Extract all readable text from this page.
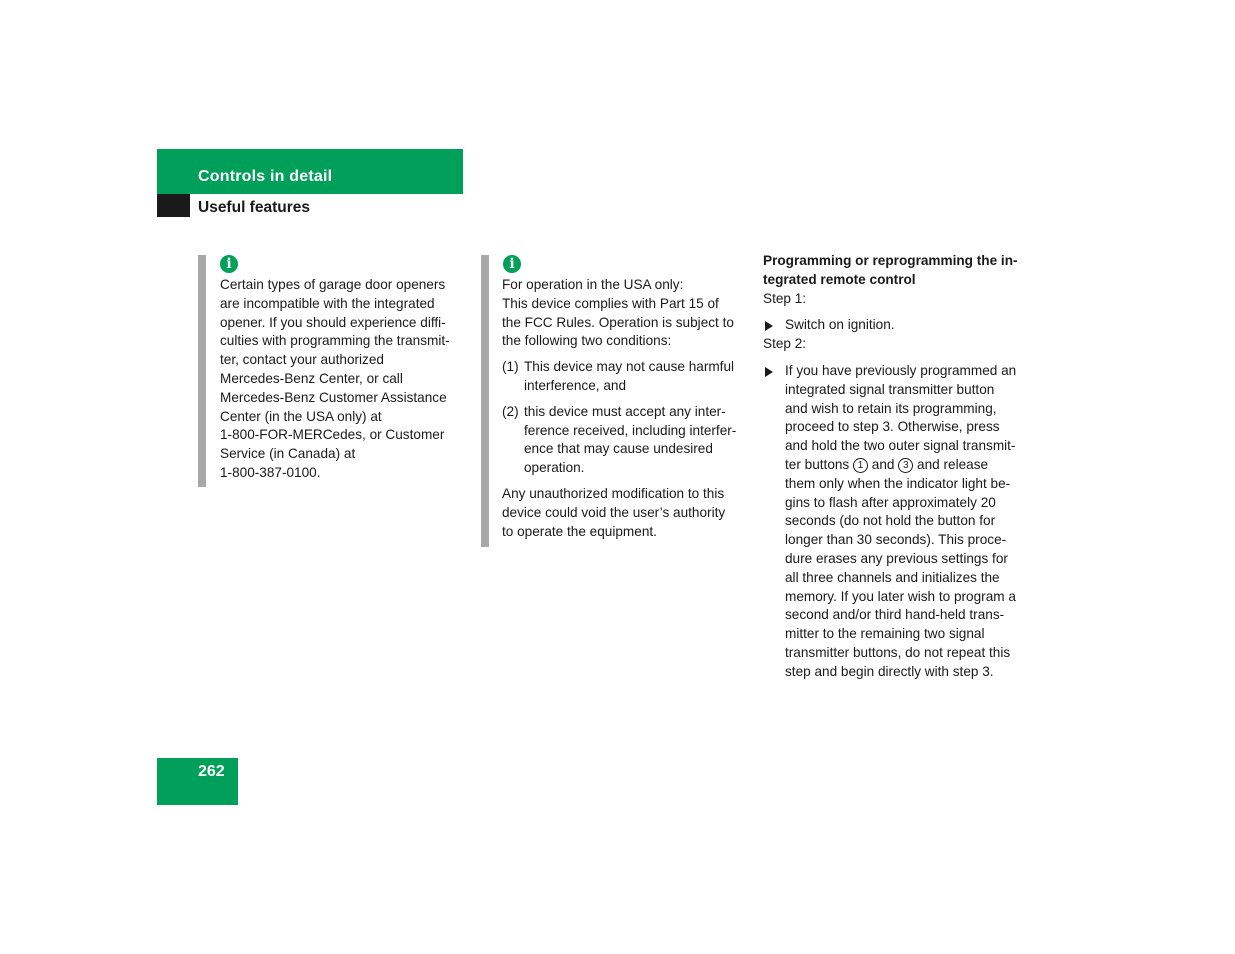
Controls in detail
Useful features
i

Certain types of garage door openers

are incompatible with the integrated

opener. If you should experience diffi-

culties with programming the transmit-

ter, contact your authorized

Mercedes-Benz Center, or call

Mercedes-Benz Customer Assistance

Center (in the USA only) at

1-800-FOR-MERCedes, or Customer

Service (in Canada) at

1-800-387-0100.

i

For operation in the USA only:

This device complies with Part 15 of

the FCC Rules. Operation is subject to

the following two conditions:

(1) This device may not cause harmful

interference, and

(2) this device must accept any inter-

ference received, including interfer-

ence that may cause undesired

operation.

Any unauthorized modification to this

device could void the user’s authority

to operate the equipment.

Programming or reprogramming the in-

tegrated remote control

Step 1:

Switch on ignition.

Step 2:

If you have previously programmed an

integrated signal transmitter button

and wish to retain its programming,

proceed to step 3. Otherwise, press

and hold the two outer signal transmit-

ter buttons 1 and 3 and release

them only when the indicator light be-

gins to flash after approximately 20

seconds (do not hold the button for

longer than 30 seconds). This proce-

dure erases any previous settings for

all three channels and initializes the

memory. If you later wish to program a

second and/or third hand-held trans-

mitter to the remaining two signal

transmitter buttons, do not repeat this

step and begin directly with step 3.

262
